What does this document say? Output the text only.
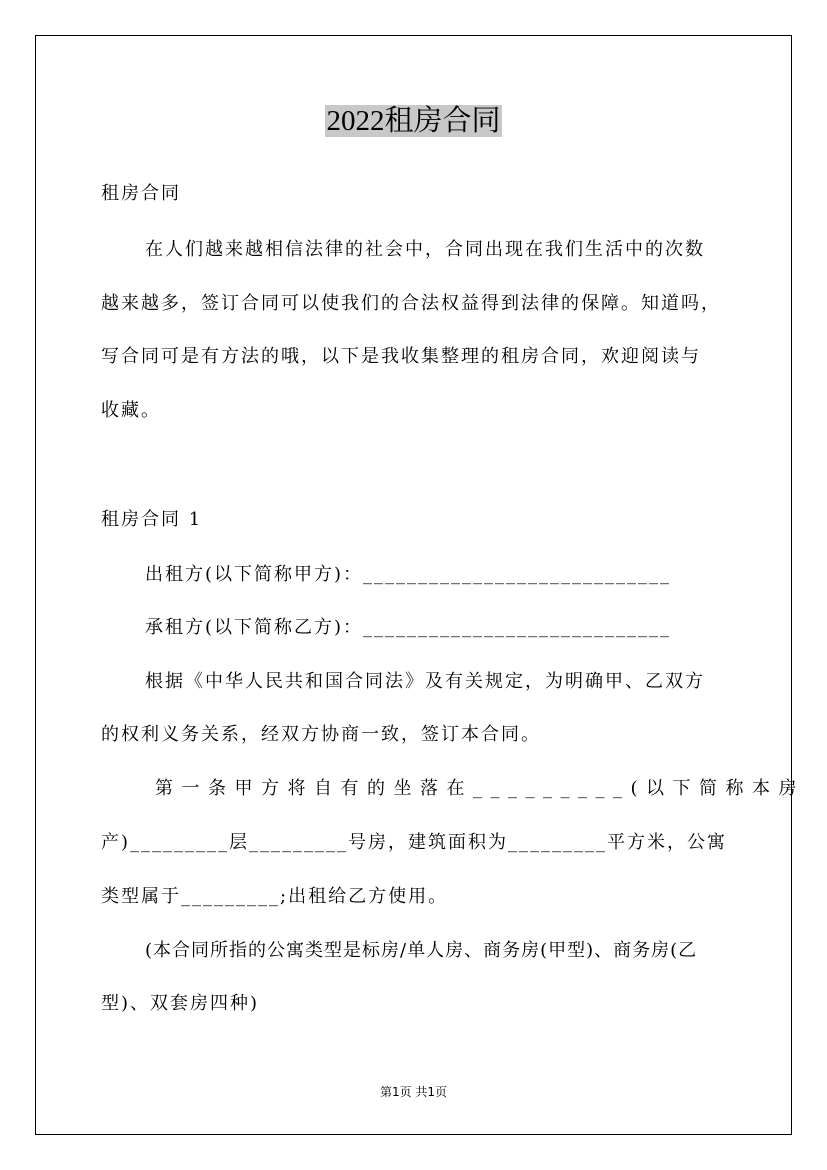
2022租房合同
租房合同
在人们越来越相信法律的社会中，合同出现在我们生活中的次数
越来越多，签订合同可以使我们的合法权益得到法律的保障。知道吗，
写合同可是有方法的哦，以下是我收集整理的租房合同，欢迎阅读与
收藏。
租房合同 1
出租方(以下简称甲方)：____________________________
承租方(以下简称乙方)：____________________________
根据《中华人民共和国合同法》及有关规定，为明确甲、乙双方
的权利义务关系，经双方协商一致，签订本合同。
第一条甲方将自有的坐落在_________(以下简称本房
产)_________层_________号房，建筑面积为_________平方米，公寓
类型属于_________;出租给乙方使用。
(本合同所指的公寓类型是标房/单人房、商务房(甲型)、商务房(乙
型)、双套房四种)
第1页 共1页
